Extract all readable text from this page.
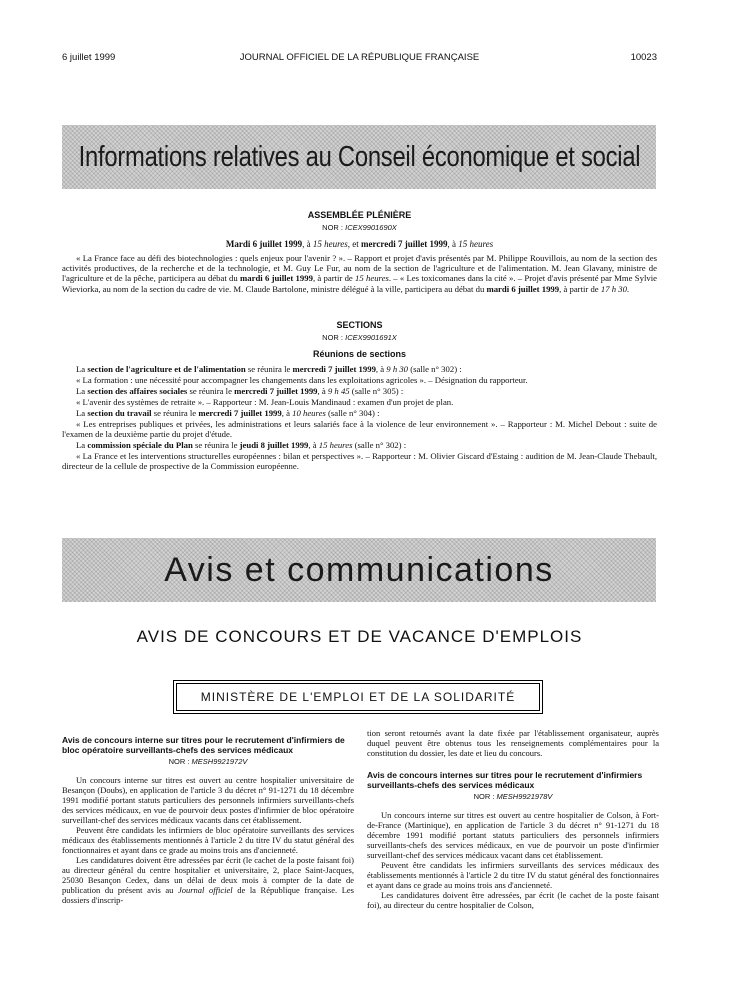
6 juillet 1999	JOURNAL OFFICIEL DE LA RÉPUBLIQUE FRANÇAISE	10023
Informations relatives au Conseil économique et social
ASSEMBLÉE PLÉNIÈRE
NOR : ICEX9901690X
Mardi 6 juillet 1999, à 15 heures, et mercredi 7 juillet 1999, à 15 heures
« La France face au défi des biotechnologies : quels enjeux pour l'avenir ? ». – Rapport et projet d'avis présentés par M. Philippe Rouvillois, au nom de la section des activités productives, de la recherche et de la technologie, et M. Guy Le Fur, au nom de la section de l'agriculture et de l'alimentation. M. Jean Glavany, ministre de l'agriculture et de la pêche, participera au débat du mardi 6 juillet 1999, à partir de 15 heures. – « Les toxicomanes dans la cité ». – Projet d'avis présenté par Mme Sylvie Wieviorka, au nom de la section du cadre de vie. M. Claude Bartolone, ministre délégué à la ville, participera au débat du mardi 6 juillet 1999, à partir de 17 h 30.
SECTIONS
NOR : ICEX9901691X
Réunions de sections
La section de l'agriculture et de l'alimentation se réunira le mercredi 7 juillet 1999, à 9 h 30 (salle n° 302) :
« La formation : une nécessité pour accompagner les changements dans les exploitations agricoles ». – Désignation du rapporteur.
La section des affaires sociales se réunira le mercredi 7 juillet 1999, à 9 h 45 (salle n° 305) :
« L'avenir des systèmes de retraite ». – Rapporteur : M. Jean-Louis Mandinaud : examen d'un projet de plan.
La section du travail se réunira le mercredi 7 juillet 1999, à 10 heures (salle n° 304) :
« Les entreprises publiques et privées, les administrations et leurs salariés face à la violence de leur environnement ». – Rapporteur : M. Michel Debout : suite de l'examen de la deuxième partie du projet d'étude.
La commission spéciale du Plan se réunira le jeudi 8 juillet 1999, à 15 heures (salle n° 302) :
« La France et les interventions structurelles européennes : bilan et perspectives ». – Rapporteur : M. Olivier Giscard d'Estaing : audition de M. Jean-Claude Thebault, directeur de la cellule de prospective de la Commission européenne.
Avis et communications
AVIS DE CONCOURS ET DE VACANCE D'EMPLOIS
MINISTÈRE DE L'EMPLOI ET DE LA SOLIDARITÉ
Avis de concours interne sur titres pour le recrutement d'infirmiers de bloc opératoire surveillants-chefs des services médicaux
NOR : MESH9921972V

Un concours interne sur titres est ouvert au centre hospitalier universitaire de Besançon (Doubs), en application de l'article 3 du décret n° 91-1271 du 18 décembre 1991 modifié portant statuts particuliers des personnels infirmiers surveillants-chefs des services médicaux, en vue de pourvoir deux postes d'infirmier de bloc opératoire surveillant-chef des services médicaux vacants dans cet établissement.

Peuvent être candidats les infirmiers de bloc opératoire surveillants des services médicaux des établissements mentionnés à l'article 2 du titre IV du statut général des fonctionnaires et ayant dans ce grade au moins trois ans d'ancienneté.

Les candidatures doivent être adressées par écrit (le cachet de la poste faisant foi) au directeur général du centre hospitalier et universitaire, 2, place Saint-Jacques, 25030 Besançon Cedex, dans un délai de deux mois à compter de la date de publication du présent avis au Journal officiel de la République française. Les dossiers d'inscrip-

tion seront retournés avant la date fixée par l'établissement organisateur, auprès duquel peuvent être obtenus tous les renseignements complémentaires pour la constitution du dossier, les date et lieu du concours.
Avis de concours internes sur titres pour le recrutement d'infirmiers surveillants-chefs des services médicaux
NOR : MESH9921978V

Un concours interne sur titres est ouvert au centre hospitalier de Colson, à Fort-de-France (Martinique), en application de l'article 3 du décret n° 91-1271 du 18 décembre 1991 modifié portant statuts particuliers des personnels infirmiers surveillants-chefs des services médicaux, en vue de pourvoir un poste d'infirmier surveillant-chef des services médicaux vacant dans cet établissement.

Peuvent être candidats les infirmiers surveillants des services médicaux des établissements mentionnés à l'article 2 du titre IV du statut général des fonctionnaires et ayant dans ce grade au moins trois ans d'ancienneté.

Les candidatures doivent être adressées, par écrit (le cachet de la poste faisant foi), au directeur du centre hospitalier de Colson,
